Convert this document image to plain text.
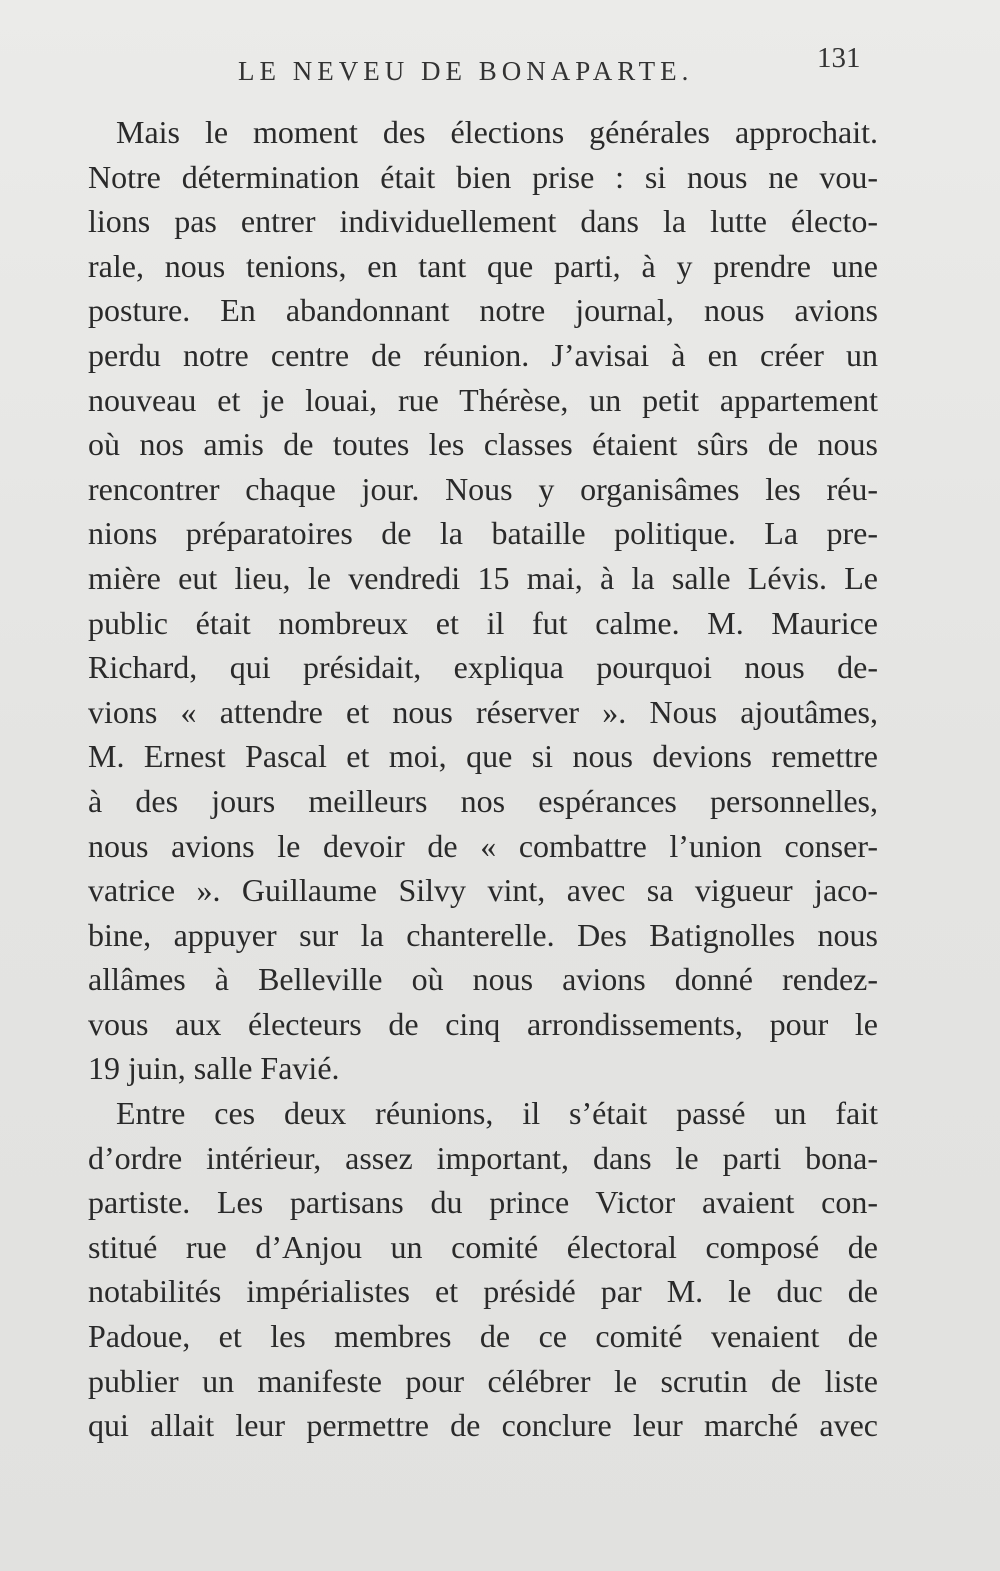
LE NEVEU DE BONAPARTE.	131

Mais le moment des élections générales approchait.
Notre détermination était bien prise : si nous ne vou-
lions pas entrer individuellement dans la lutte électo-
rale, nous tenions, en tant que parti, à y prendre une
posture. En abandonnant notre journal, nous avions
perdu notre centre de réunion. J’avisai à en créer un
nouveau et je louai, rue Thérèse, un petit appartement
où nos amis de toutes les classes étaient sûrs de nous
rencontrer chaque jour. Nous y organisâmes les réu-
nions préparatoires de la bataille politique. La pre-
mière eut lieu, le vendredi 15 mai, à la salle Lévis. Le
public était nombreux et il fut calme. M. Maurice
Richard, qui présidait, expliqua pourquoi nous de-
vions « attendre et nous réserver ». Nous ajoutâmes,
M. Ernest Pascal et moi, que si nous devions remettre
à des jours meilleurs nos espérances personnelles,
nous avions le devoir de « combattre l’union conser-
vatrice ». Guillaume Silvy vint, avec sa vigueur jaco-
bine, appuyer sur la chanterelle. Des Batignolles nous
allâmes à Belleville où nous avions donné rendez-
vous aux électeurs de cinq arrondissements, pour le
19 juin, salle Favié.

Entre ces deux réunions, il s’était passé un fait
d’ordre intérieur, assez important, dans le parti bona-
partiste. Les partisans du prince Victor avaient con-
stitué rue d’Anjou un comité électoral composé de
notabilités impérialistes et présidé par M. le duc de
Padoue, et les membres de ce comité venaient de
publier un manifeste pour célébrer le scrutin de liste
qui allait leur permettre de conclure leur marché avec
